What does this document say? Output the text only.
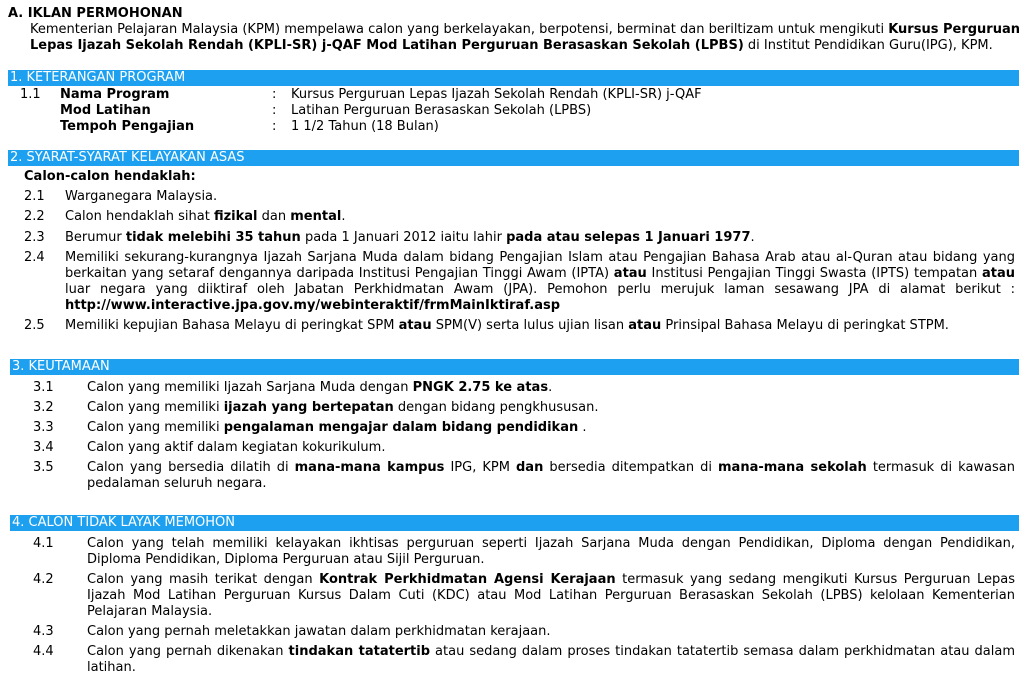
A. IKLAN PERMOHONAN
Kementerian Pelajaran Malaysia (KPM) mempelawa calon yang berkelayakan, berpotensi, berminat dan beriltizam untuk mengikuti Kursus Perguruan Lepas Ijazah Sekolah Rendah (KPLI-SR) j-QAF Mod Latihan Perguruan Berasaskan Sekolah (LPBS) di Institut Pendidikan Guru(IPG), KPM.
1. KETERANGAN PROGRAM
1.1	Nama Program	: Kursus Perguruan Lepas Ijazah Sekolah Rendah (KPLI-SR) j-QAF
Mod Latihan	: Latihan Perguruan Berasaskan Sekolah (LPBS)
Tempoh Pengajian	: 1 1/2 Tahun (18 Bulan)
2. SYARAT-SYARAT KELAYAKAN ASAS
Calon-calon hendaklah:
2.1	Warganegara Malaysia.
2.2	Calon hendaklah sihat fizikal dan mental.
2.3	Berumur tidak melebihi 35 tahun pada 1 Januari 2012 iaitu lahir pada atau selepas 1 Januari 1977.
2.4	Memiliki sekurang-kurangnya Ijazah Sarjana Muda dalam bidang Pengajian Islam atau Pengajian Bahasa Arab atau al-Quran atau bidang yang berkaitan yang setaraf dengannya daripada Institusi Pengajian Tinggi Awam (IPTA) atau Institusi Pengajian Tinggi Swasta (IPTS) tempatan atau luar negara yang diiktiraf oleh Jabatan Perkhidmatan Awam (JPA). Pemohon perlu merujuk laman sesawang JPA di alamat berikut : http://www.interactive.jpa.gov.my/webinteraktif/frmMainIktiraf.asp
2.5	Memiliki kepujian Bahasa Melayu di peringkat SPM atau SPM(V) serta lulus ujian lisan atau Prinsipal Bahasa Melayu di peringkat STPM.
3. KEUTAMAAN
3.1	Calon yang memiliki Ijazah Sarjana Muda dengan PNGK 2.75 ke atas.
3.2	Calon yang memiliki ijazah yang bertepatan dengan bidang pengkhususan.
3.3	Calon yang memiliki pengalaman mengajar dalam bidang pendidikan .
3.4	Calon yang aktif dalam kegiatan kokurikulum.
3.5	Calon yang bersedia dilatih di mana-mana kampus IPG, KPM dan bersedia ditempatkan di mana-mana sekolah termasuk di kawasan pedalaman seluruh negara.
4. CALON TIDAK LAYAK MEMOHON
4.1	Calon yang telah memiliki kelayakan ikhtisas perguruan seperti Ijazah Sarjana Muda dengan Pendidikan, Diploma dengan Pendidikan, Diploma Pendidikan, Diploma Perguruan atau Sijil Perguruan.
4.2	Calon yang masih terikat dengan Kontrak Perkhidmatan Agensi Kerajaan termasuk yang sedang mengikuti Kursus Perguruan Lepas Ijazah Mod Latihan Perguruan Kursus Dalam Cuti (KDC) atau Mod Latihan Perguruan Berasaskan Sekolah (LPBS) kelolaan Kementerian Pelajaran Malaysia.
4.3	Calon yang pernah meletakkan jawatan dalam perkhidmatan kerajaan.
4.4	Calon yang pernah dikenakan tindakan tatatertib atau sedang dalam proses tindakan tatatertib semasa dalam perkhidmatan atau dalam latihan.
